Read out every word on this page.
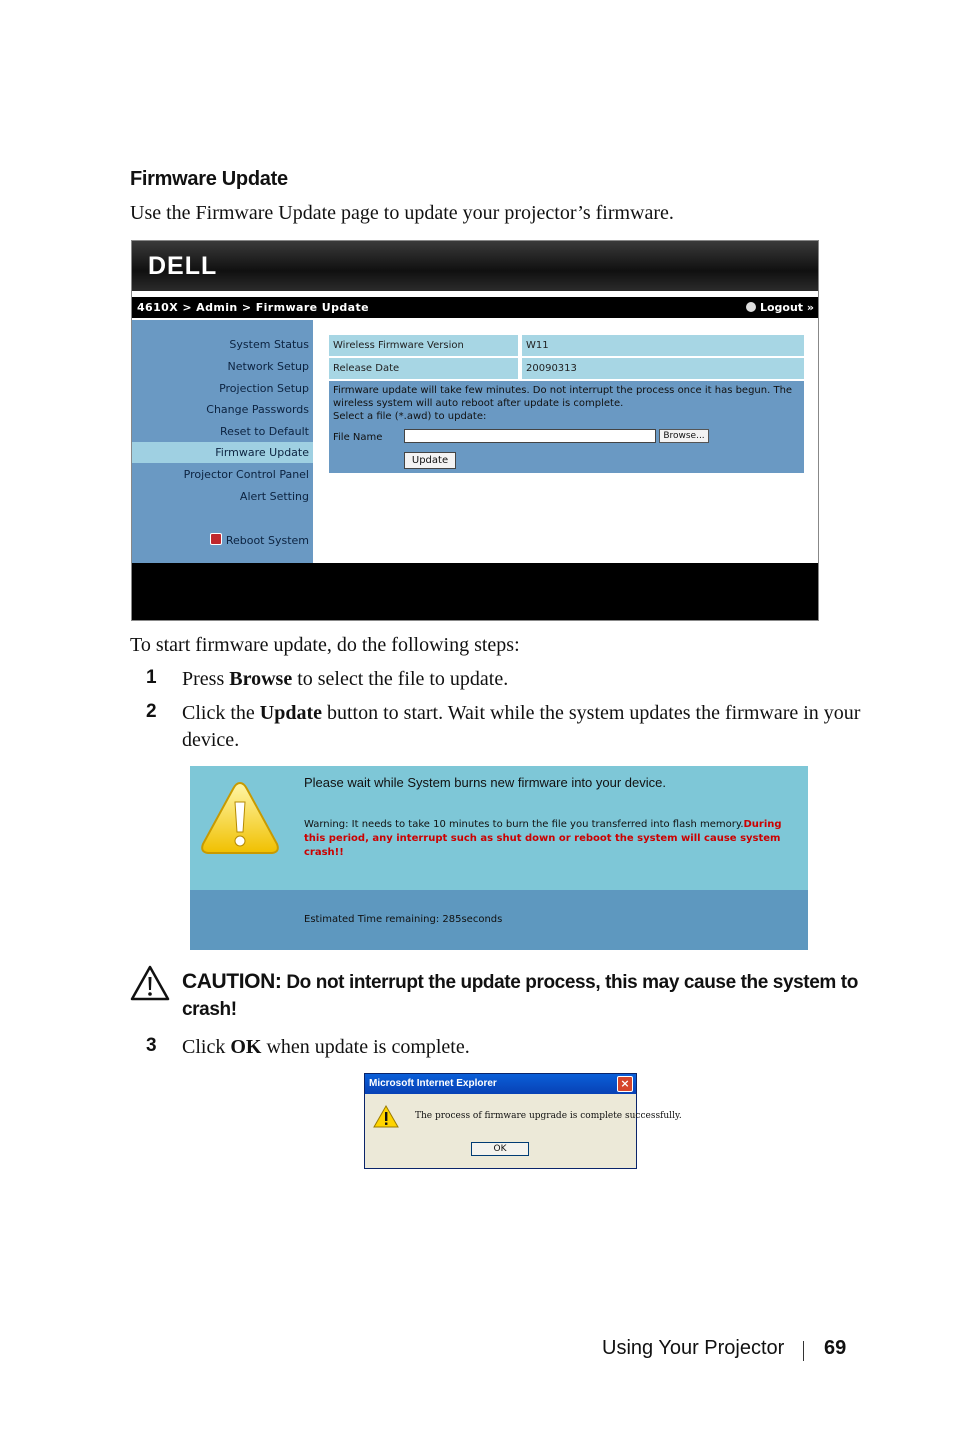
Firmware Update
Use the Firmware Update page to update your projector’s firmware.
DELL
4610X > Admin > Firmware Update	Logout »
System Status
Network Setup
Projection Setup
Change Passwords
Reset to Default
Firmware Update
Projector Control Panel
Alert Setting
Reboot System
Wireless Firmware Version	W11
Release Date	20090313
Firmware update will take few minutes. Do not interrupt the process once it has begun. The
wireless system will auto reboot after update is complete.
Select a file (*.awd) to update:
File Name	Browse...
Update
To start firmware update, do the following steps:
1 Press Browse to select the file to update.
2 Click the Update button to start. Wait while the system updates the firmware in your device.
Please wait while System burns new firmware into your device.
Warning: It needs to take 10 minutes to burn the file you transferred into flash memory.During this period, any interrupt such as shut down or reboot the system will cause system crash!!
Estimated Time remaining: 285seconds
CAUTION: Do not interrupt the update process, this may cause the system to crash!
3 Click OK when update is complete.
Microsoft Internet Explorer	×
The process of firmware upgrade is complete successfully.
OK
Using Your Projector 69
